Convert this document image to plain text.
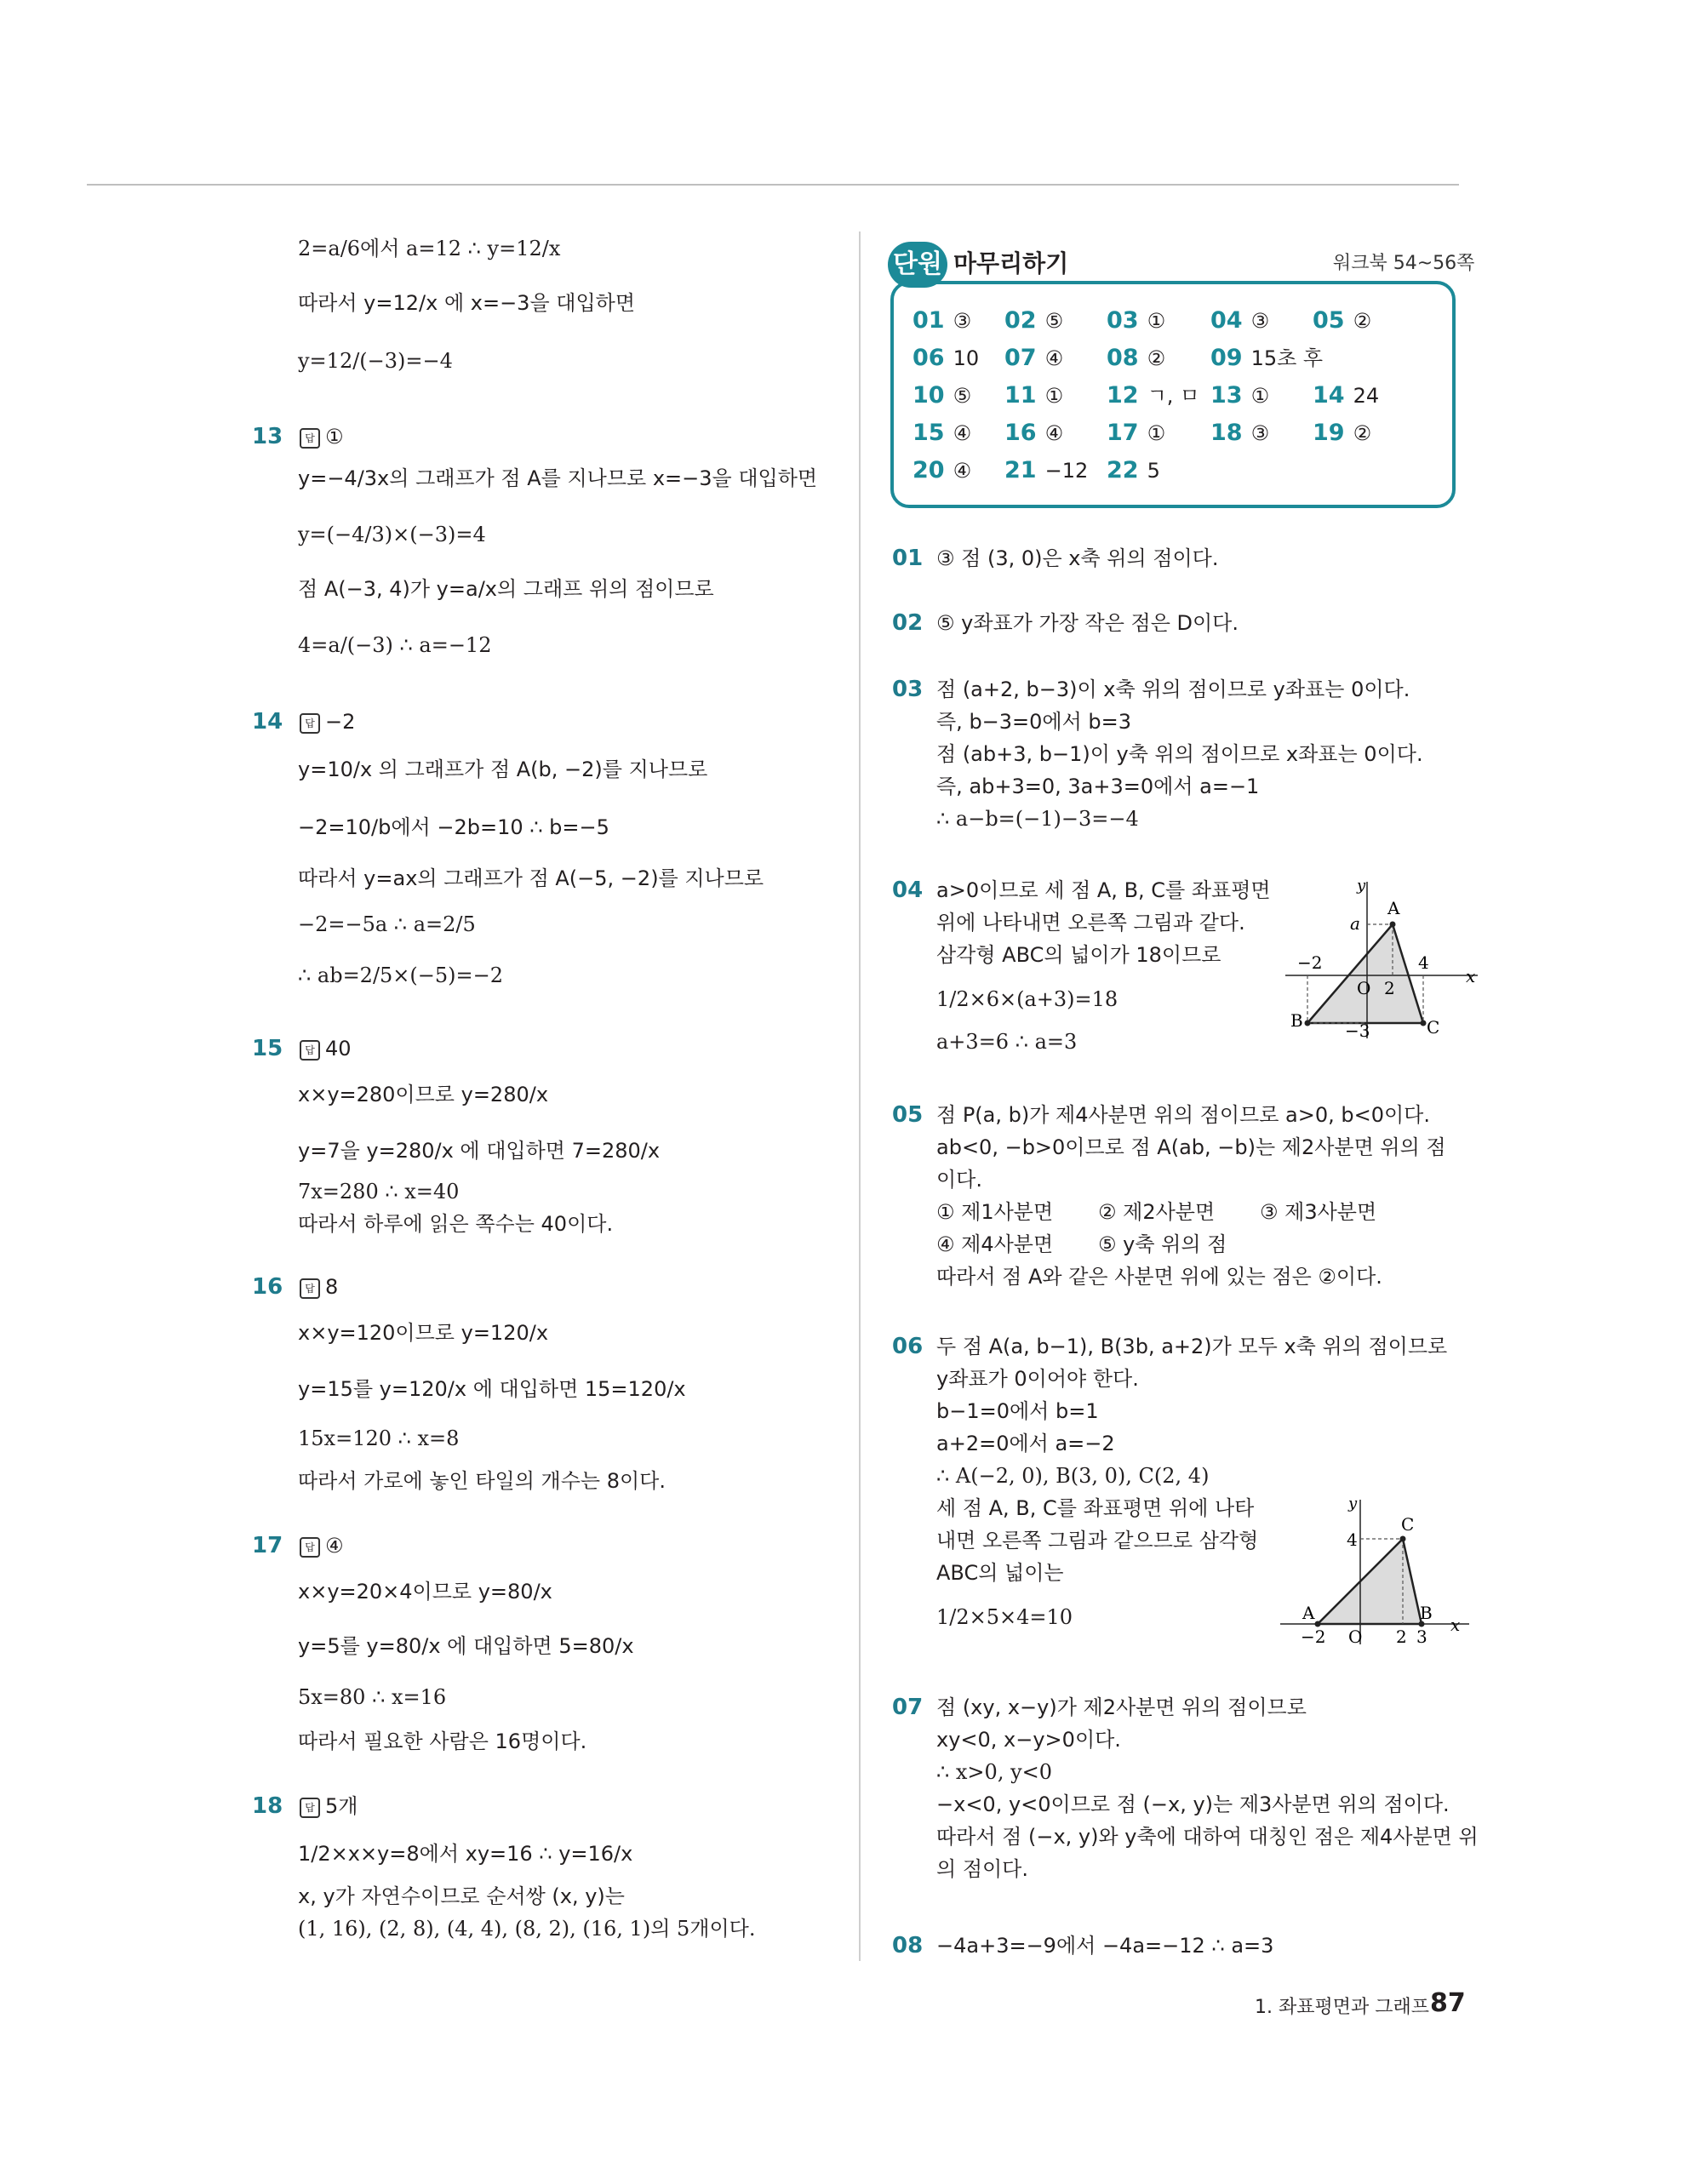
2=a/6에서 a=12 ∴ y=12/x
따라서 y=12/x 에 x=−3을 대입하면
y=12/(−3)=−4
13	답 ①
y=−4/3x의 그래프가 점 A를 지나므로 x=−3을 대입하면
y=(−4/3)×(−3)=4
점 A(−3, 4)가 y=a/x의 그래프 위의 점이므로
4=a/(−3) ∴ a=−12
14	답 −2
y=10/x 의 그래프가 점 A(b, −2)를 지나므로
−2=10/b에서 −2b=10 ∴ b=−5
따라서 y=ax의 그래프가 점 A(−5, −2)를 지나므로
−2=−5a ∴ a=2/5
∴ ab=2/5×(−5)=−2
15	답 40
x×y=280이므로 y=280/x
y=7을 y=280/x 에 대입하면 7=280/x
7x=280 ∴ x=40
따라서 하루에 읽은 쪽수는 40이다.
16	답 8
x×y=120이므로 y=120/x
y=15를 y=120/x 에 대입하면 15=120/x
15x=120 ∴ x=8
따라서 가로에 놓인 타일의 개수는 8이다.
17	답 ④
x×y=20×4이므로 y=80/x
y=5를 y=80/x 에 대입하면 5=80/x
5x=80 ∴ x=16
따라서 필요한 사람은 16명이다.
18	답 5개
1/2×x×y=8에서 xy=16 ∴ y=16/x
x, y가 자연수이므로 순서쌍 (x, y)는
(1, 16), (2, 8), (4, 4), (8, 2), (16, 1)의 5개이다.
단원 마무리하기	워크북 54~56쪽
01 ③ 02 ⑤ 03 ① 04 ③ 05 ②
06 10 07 ④ 08 ② 09 15초 후
10 ⑤ 11 ① 12 ㄱ, ㅁ 13 ① 14 24
15 ④ 16 ④ 17 ① 18 ③ 19 ②
20 ④ 21 −12 22 5
01 ③ 점 (3, 0)은 x축 위의 점이다.
02 ⑤ y좌표가 가장 작은 점은 D이다.
03 점 (a+2, b−3)이 x축 위의 점이므로 y좌표는 0이다.
즉, b−3=0에서 b=3
점 (ab+3, b−1)이 y축 위의 점이므로 x좌표는 0이다.
즉, ab+3=0, 3a+3=0에서 a=−1
∴ a−b=(−1)−3=−4
04 a>0이므로 세 점 A, B, C를 좌표평면
위에 나타내면 오른쪽 그림과 같다.
삼각형 ABC의 넓이가 18이므로
1/2×6×(a+3)=18
a+3=6 ∴ a=3
y
a
A
−2	4
O 2
x
B −3	C
05 점 P(a, b)가 제4사분면 위의 점이므로 a>0, b<0이다.
ab<0, −b>0이므로 점 A(ab, −b)는 제2사분면 위의 점
이다.
① 제1사분면 ② 제2사분면 ③ 제3사분면
④ 제4사분면 ⑤ y축 위의 점
따라서 점 A와 같은 사분면 위에 있는 점은 ②이다.
06 두 점 A(a, b−1), B(3b, a+2)가 모두 x축 위의 점이므로
y좌표가 0이어야 한다.
b−1=0에서 b=1
a+2=0에서 a=−2
∴ A(−2, 0), B(3, 0), C(2, 4)
세 점 A, B, C를 좌표평면 위에 나타
내면 오른쪽 그림과 같으므로 삼각형
ABC의 넓이는
1/2×5×4=10
y
C
4
A	B
−2 O 2 3
x
07 점 (xy, x−y)가 제2사분면 위의 점이므로
xy<0, x−y>0이다.
∴ x>0, y<0
−x<0, y<0이므로 점 (−x, y)는 제3사분면 위의 점이다.
따라서 점 (−x, y)와 y축에 대하여 대칭인 점은 제4사분면 위
의 점이다.
08 −4a+3=−9에서 −4a=−12 ∴ a=3
1. 좌표평면과 그래프 87
